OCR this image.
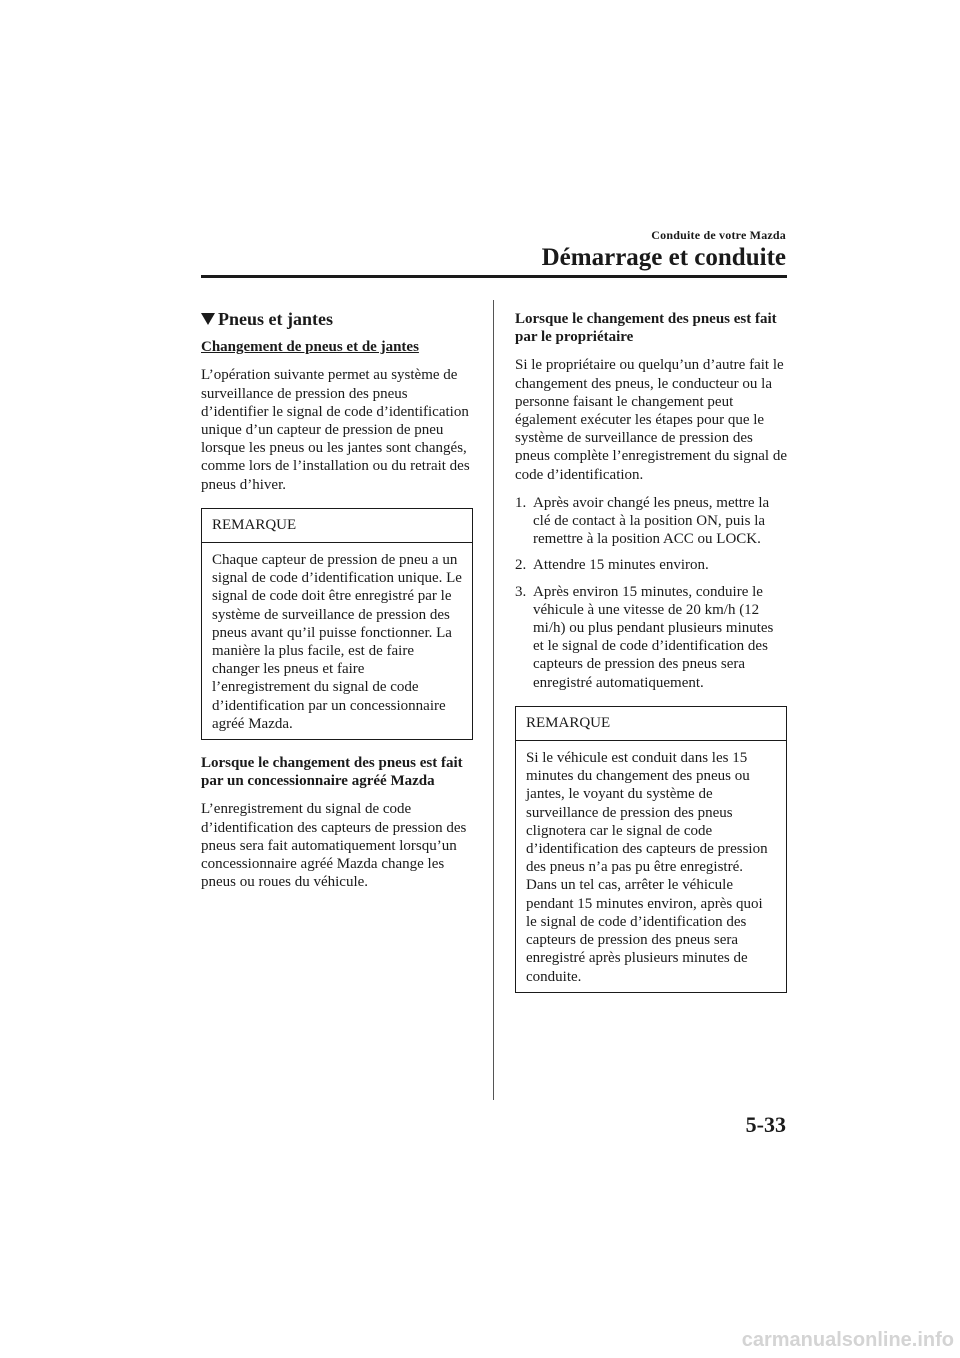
Conduite de votre Mazda
Démarrage et conduite
Pneus et jantes
Changement de pneus et de jantes

L’opération suivante permet au système de surveillance de pression des pneus d’identifier le signal de code d’identification unique d’un capteur de pression de pneu lorsque les pneus ou les jantes sont changés, comme lors de l’installation ou du retrait des pneus d’hiver.

REMARQUE
Chaque capteur de pression de pneu a un signal de code d’identification unique. Le signal de code doit être enregistré par le système de surveillance de pression des pneus avant qu’il puisse fonctionner. La manière la plus facile, est de faire changer les pneus et faire l’enregistrement du signal de code d’identification par un concessionnaire agréé Mazda.
Lorsque le changement des pneus est fait par un concessionnaire agréé Mazda

L’enregistrement du signal de code d’identification des capteurs de pression des pneus sera fait automatiquement lorsqu’un concessionnaire agréé Mazda change les pneus ou roues du véhicule.

Lorsque le changement des pneus est fait par le propriétaire

Si le propriétaire ou quelqu’un d’autre fait le changement des pneus, le conducteur ou la personne faisant le changement peut également exécuter les étapes pour que le système de surveillance de pression des pneus complète l’enregistrement du signal de code d’identification.

1. Après avoir changé les pneus, mettre la clé de contact à la position ON, puis la remettre à la position ACC ou LOCK.
2. Attendre 15 minutes environ.
3. Après environ 15 minutes, conduire le véhicule à une vitesse de 20 km/h (12 mi/h) ou plus pendant plusieurs minutes et le signal de code d’identification des capteurs de pression des pneus sera enregistré automatiquement.
REMARQUE
Si le véhicule est conduit dans les 15 minutes du changement des pneus ou jantes, le voyant du système de surveillance de pression des pneus clignotera car le signal de code d’identification des capteurs de pression des pneus n’a pas pu être enregistré. Dans un tel cas, arrêter le véhicule pendant 15 minutes environ, après quoi le signal de code d’identification des capteurs de pression des pneus sera enregistré après plusieurs minutes de conduite.
5-33
carmanualsonline.info
